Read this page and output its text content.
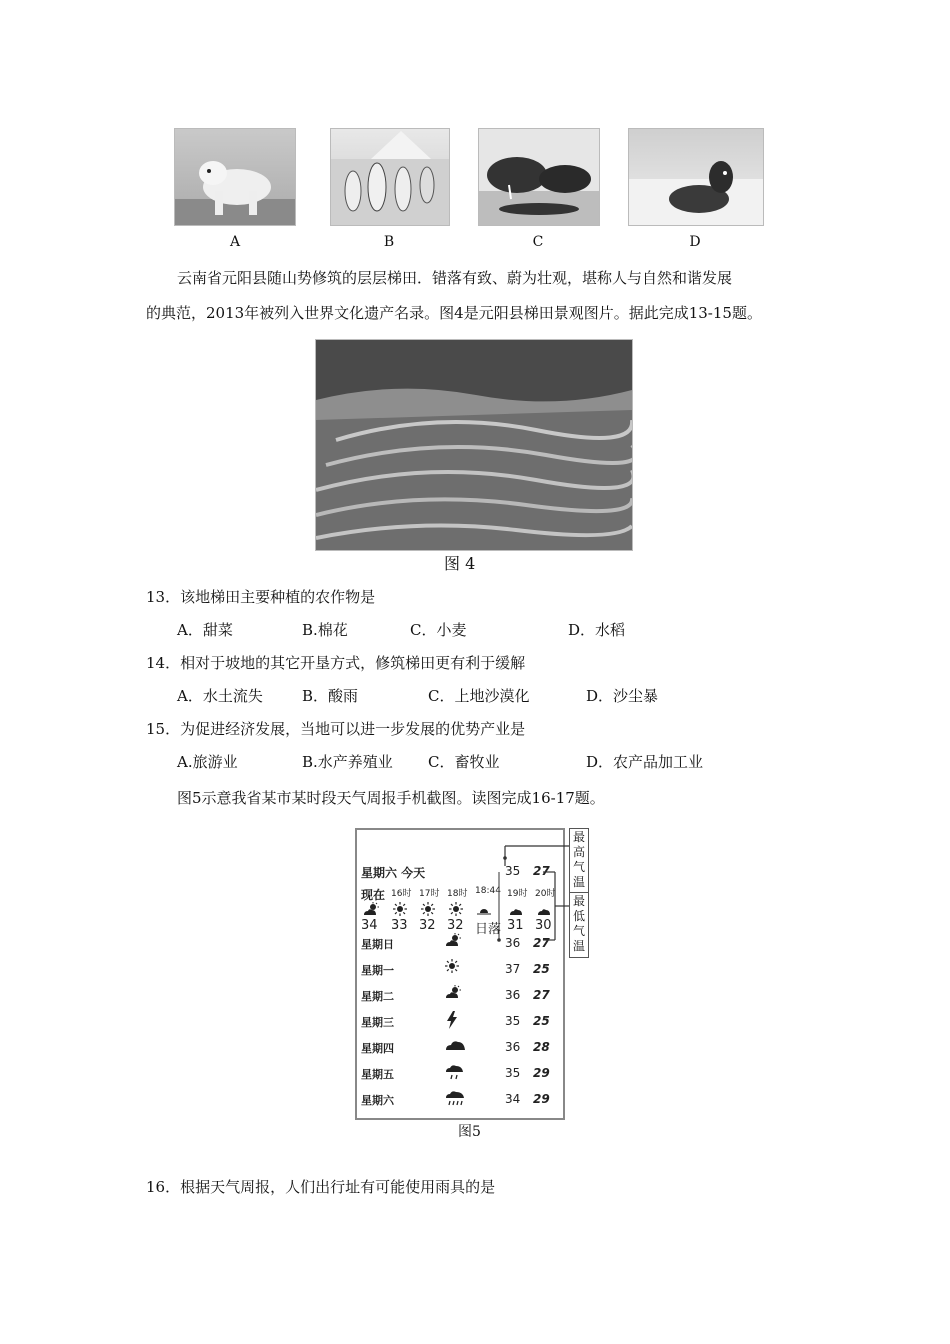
A	B	C	D
云南省元阳县随山势修筑的层层梯田．错落有致、蔚为壮观，堪称人与自然和谐发展
的典范，2013年被列入世界文化遗产名录。图4是元阳县梯田景观图片。据此完成13-15题。
图 4
13．该地梯田主要种植的农作物是
A．甜菜	B.棉花	C．小麦	D．水稻
14．相对于坡地的其它开垦方式，修筑梯田更有利于缓解
A．水土流失	B．酸雨	C．上地沙漠化	D．沙尘暴
15．为促进经济发展，当地可以进一步发展的优势产业是
A.旅游业	B.水产养殖业 C．畜牧业	D．农产品加工业
图5示意我省某市某时段天气周报手机截图。读图完成16-17题。
星期六 今天	35 27
现在
34
16时
33
17时
32
18时
32
18:44
日落
19时
31
20时
30
星期日	36 27
星期一	37 25
星期二	36 27
星期三	35 25
星期四	36 28
星期五	35 29
星期六	34 29
最高气温
最低气温
图5
16．根据天气周报，人们出行址有可能使用雨具的是
